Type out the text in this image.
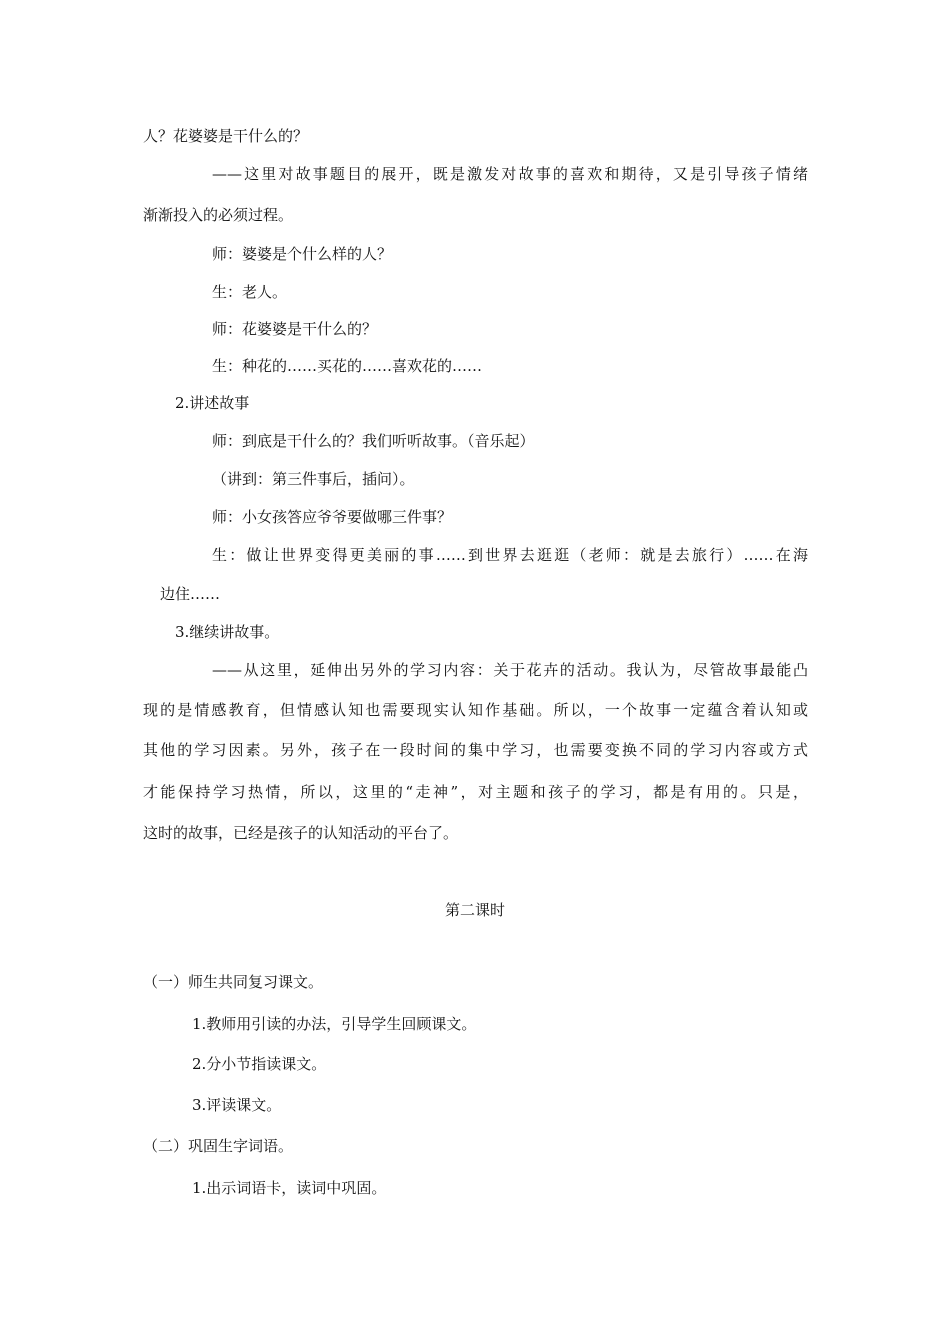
人？花婆婆是干什么的？
——这里对故事题目的展开，既是激发对故事的喜欢和期待，又是引导孩子情绪
渐渐投入的必须过程。
师：婆婆是个什么样的人？
生：老人。
师：花婆婆是干什么的？
生：种花的……买花的……喜欢花的……
2.讲述故事
师：到底是干什么的？我们听听故事。（音乐起）
（讲到：第三件事后，插问）。
师：小女孩答应爷爷要做哪三件事？
生：做让世界变得更美丽的事……到世界去逛逛（老师：就是去旅行）……在海
边住……
3.继续讲故事。
——从这里，延伸出另外的学习内容：关于花卉的活动。我认为，尽管故事最能凸
现的是情感教育，但情感认知也需要现实认知作基础。所以，一个故事一定蕴含着认知或
其他的学习因素。另外，孩子在一段时间的集中学习，也需要变换不同的学习内容或方式
才能保持学习热情，所以，这里的“走神”，对主题和孩子的学习，都是有用的。只是，
这时的故事，已经是孩子的认知活动的平台了。
第二课时
（一）师生共同复习课文。
1.教师用引读的办法，引导学生回顾课文。
2.分小节指读课文。
3.评读课文。
（二）巩固生字词语。
1.出示词语卡，读词中巩固。
